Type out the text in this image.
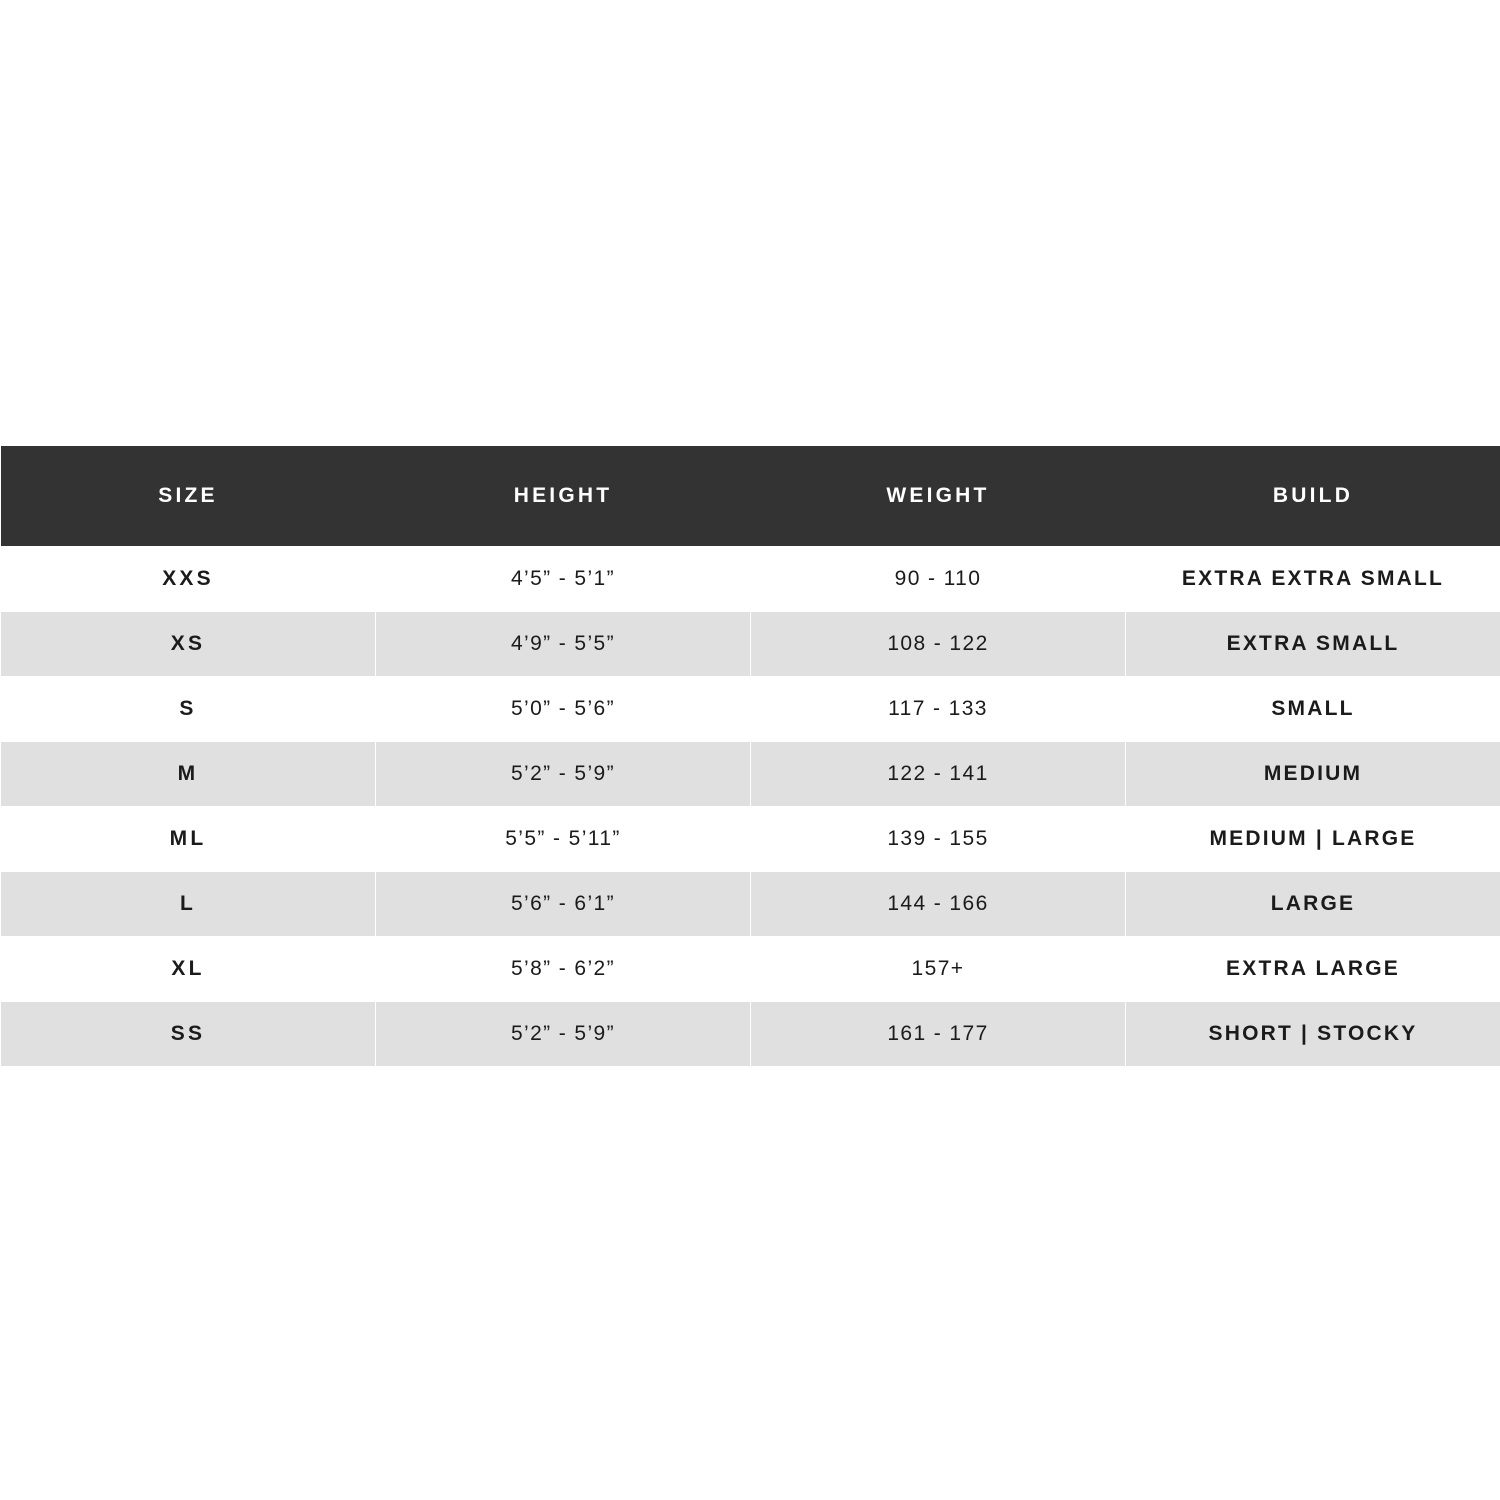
SIZE	HEIGHT	WEIGHT	BUILD
XXS	4’5” - 5’1”	90 - 110	EXTRA EXTRA SMALL
XS	4’9” - 5’5”	108 - 122	EXTRA SMALL
S	5’0” - 5’6”	117 - 133	SMALL
M	5’2” - 5’9”	122 - 141	MEDIUM
ML	5’5” - 5’11”	139 - 155	MEDIUM | LARGE
L	5’6” - 6’1”	144 - 166	LARGE
XL	5’8” - 6’2”	157+	EXTRA LARGE
SS	5’2” - 5’9”	161 - 177	SHORT | STOCKY
